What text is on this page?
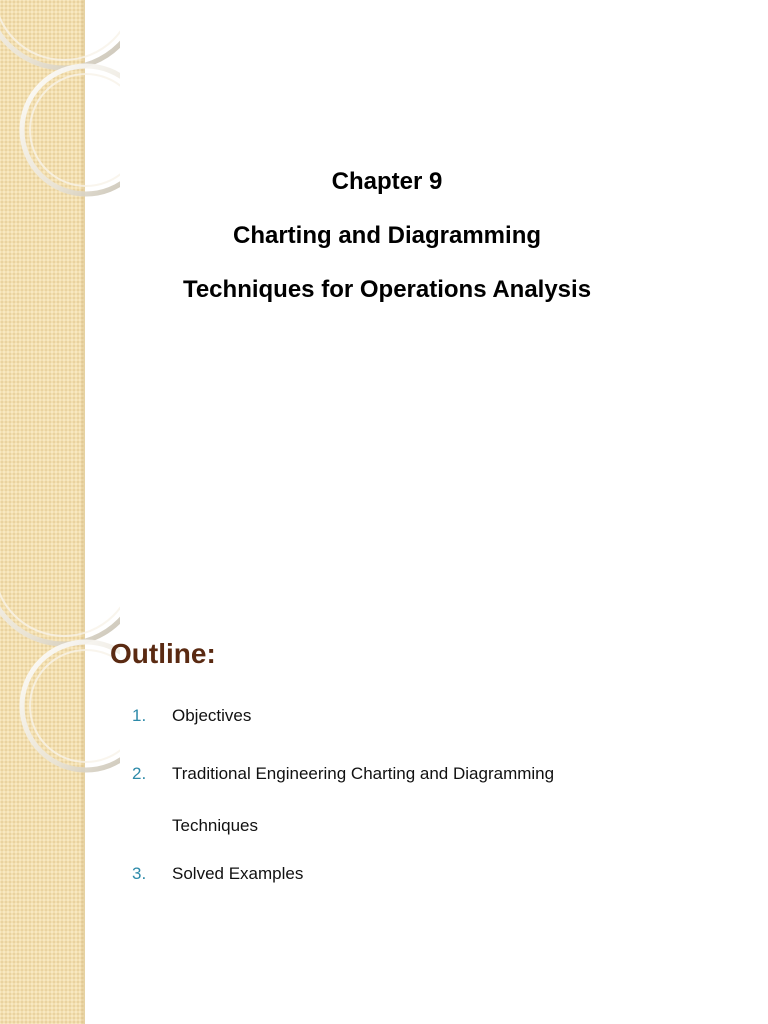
Chapter 9
Charting and Diagramming
Techniques for Operations Analysis
Outline:
1. Objectives
2. Traditional Engineering Charting and Diagramming
Techniques
3. Solved Examples
